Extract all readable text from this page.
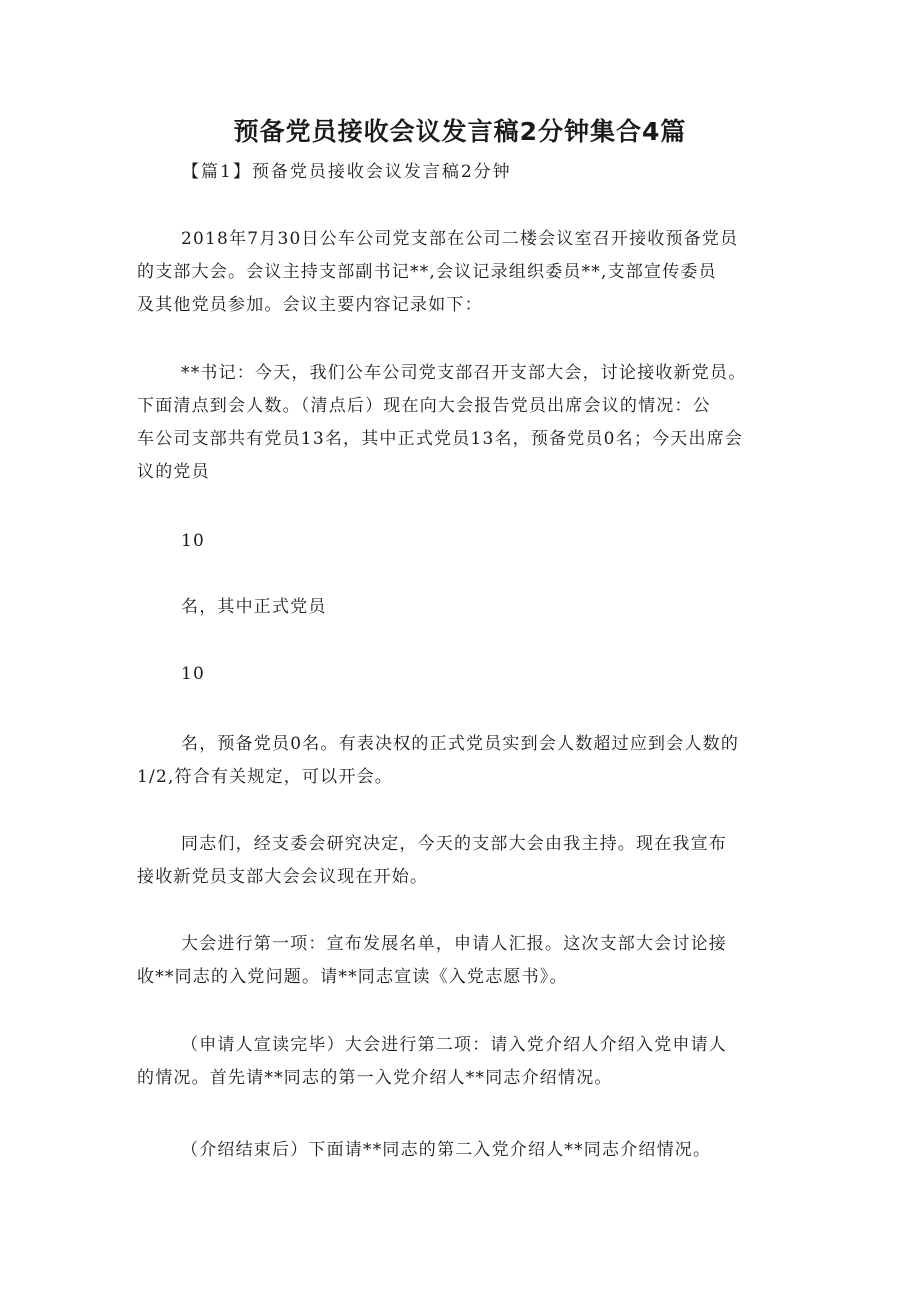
预备党员接收会议发言稿2分钟集合4篇

【篇1】预备党员接收会议发言稿2分钟

2018年7月30日公车公司党支部在公司二楼会议室召开接收预备党员
的支部大会。会议主持支部副书记**,会议记录组织委员**,支部宣传委员
及其他党员参加。会议主要内容记录如下：
**书记：今天，我们公车公司党支部召开支部大会，讨论接收新党员。
下面清点到会人数。（清点后）现在向大会报告党员出席会议的情况：公
车公司支部共有党员13名，其中正式党员13名，预备党员0名；今天出席会
议的党员
10
名，其中正式党员
10
名，预备党员0名。有表决权的正式党员实到会人数超过应到会人数的
1/2,符合有关规定，可以开会。
同志们，经支委会研究决定，今天的支部大会由我主持。现在我宣布
接收新党员支部大会会议现在开始。
大会进行第一项：宣布发展名单，申请人汇报。这次支部大会讨论接
收**同志的入党问题。请**同志宣读《入党志愿书》。
（申请人宣读完毕）大会进行第二项：请入党介绍人介绍入党申请人
的情况。首先请**同志的第一入党介绍人**同志介绍情况。
（介绍结束后）下面请**同志的第二入党介绍人**同志介绍情况。
